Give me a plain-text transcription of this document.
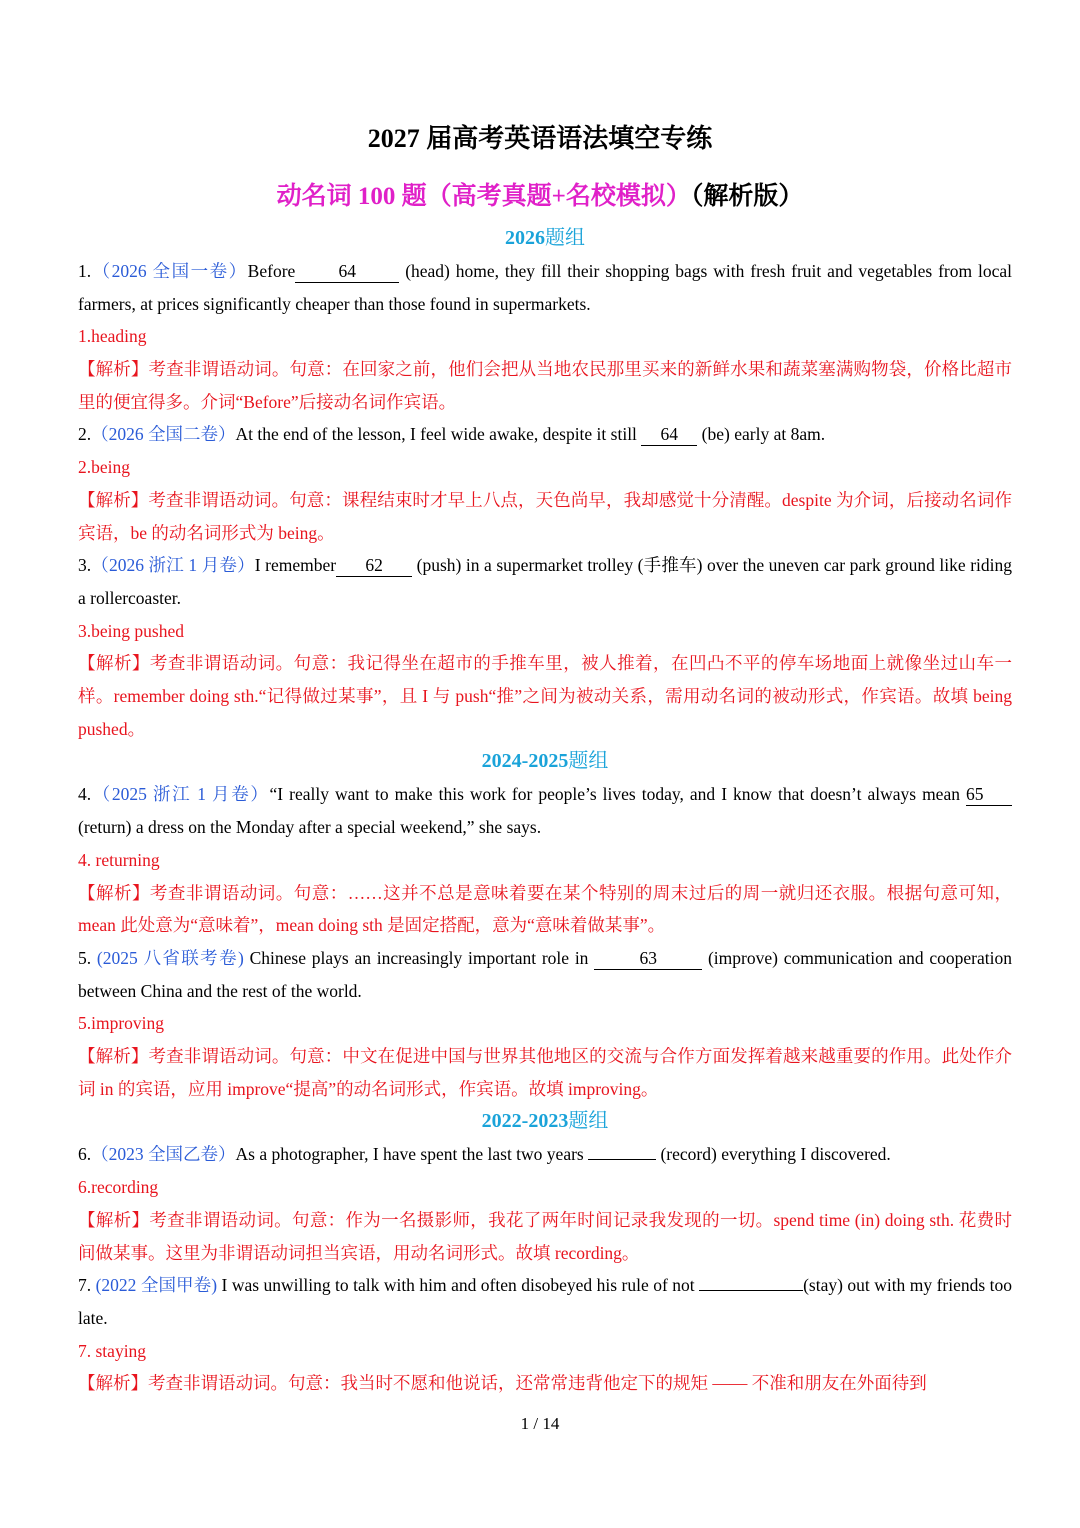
2027 届高考英语语法填空专练
动名词 100 题（高考真题+名校模拟）（解析版）
2026题组
1.（2026 全国一卷）Before 64 (head) home, they fill their shopping bags with fresh fruit and vegetables from local farmers, at prices significantly cheaper than those found in supermarkets.
1.heading
【解析】考查非谓语动词。句意：在回家之前，他们会把从当地农民那里买来的新鲜水果和蔬菜塞满购物袋，价格比超市里的便宜得多。介词“Before”后接动名词作宾语。
2.（2026 全国二卷）At the end of the lesson, I feel wide awake, despite it still 64 (be) early at 8am.
2.being
【解析】考查非谓语动词。句意：课程结束时才早上八点，天色尚早，我却感觉十分清醒。despite 为介词，后接动名词作宾语，be 的动名词形式为 being。
3.（2026 浙江 1 月卷）I remember 62 (push) in a supermarket trolley (手推车) over the uneven car park ground like riding a rollercoaster.
3.being pushed
【解析】考查非谓语动词。句意：我记得坐在超市的手推车里，被人推着，在凹凸不平的停车场地面上就像坐过山车一样。remember doing sth.“记得做过某事”，且 I 与 push“推”之间为被动关系，需用动名词的被动形式，作宾语。故填 being pushed。
2024-2025题组
4.（2025 浙江 1 月卷）“I really want to make this work for people’s lives today, and I know that doesn’t always mean 65 (return) a dress on the Monday after a special weekend,” she says.
4. returning
【解析】考查非谓语动词。句意：……这并不总是意味着要在某个特别的周末过后的周一就归还衣服。根据句意可知，mean 此处意为“意味着”，mean doing sth 是固定搭配，意为“意味着做某事”。
5. (2025 八省联考卷) Chinese plays an increasingly important role in	63	(improve) communication and cooperation between China and the rest of the world.
5.improving
【解析】考查非谓语动词。句意：中文在促进中国与世界其他地区的交流与合作方面发挥着越来越重要的作用。此处作介词 in 的宾语，应用 improve“提高”的动名词形式，作宾语。故填 improving。
2022-2023题组
6.（2023 全国乙卷）As a photographer, I have spent the last two years	(record) everything I discovered.
6.recording
【解析】考查非谓语动词。句意：作为一名摄影师，我花了两年时间记录我发现的一切。spend time (in) doing sth. 花费时间做某事。这里为非谓语动词担当宾语，用动名词形式。故填 recording。
7. (2022 全国甲卷) I was unwilling to talk with him and often disobeyed his rule of not	(stay) out with my friends too late.
7. staying
【解析】考查非谓语动词。句意：我当时不愿和他说话，还常常违背他定下的规矩 —— 不准和朋友在外面待到
1 / 14
